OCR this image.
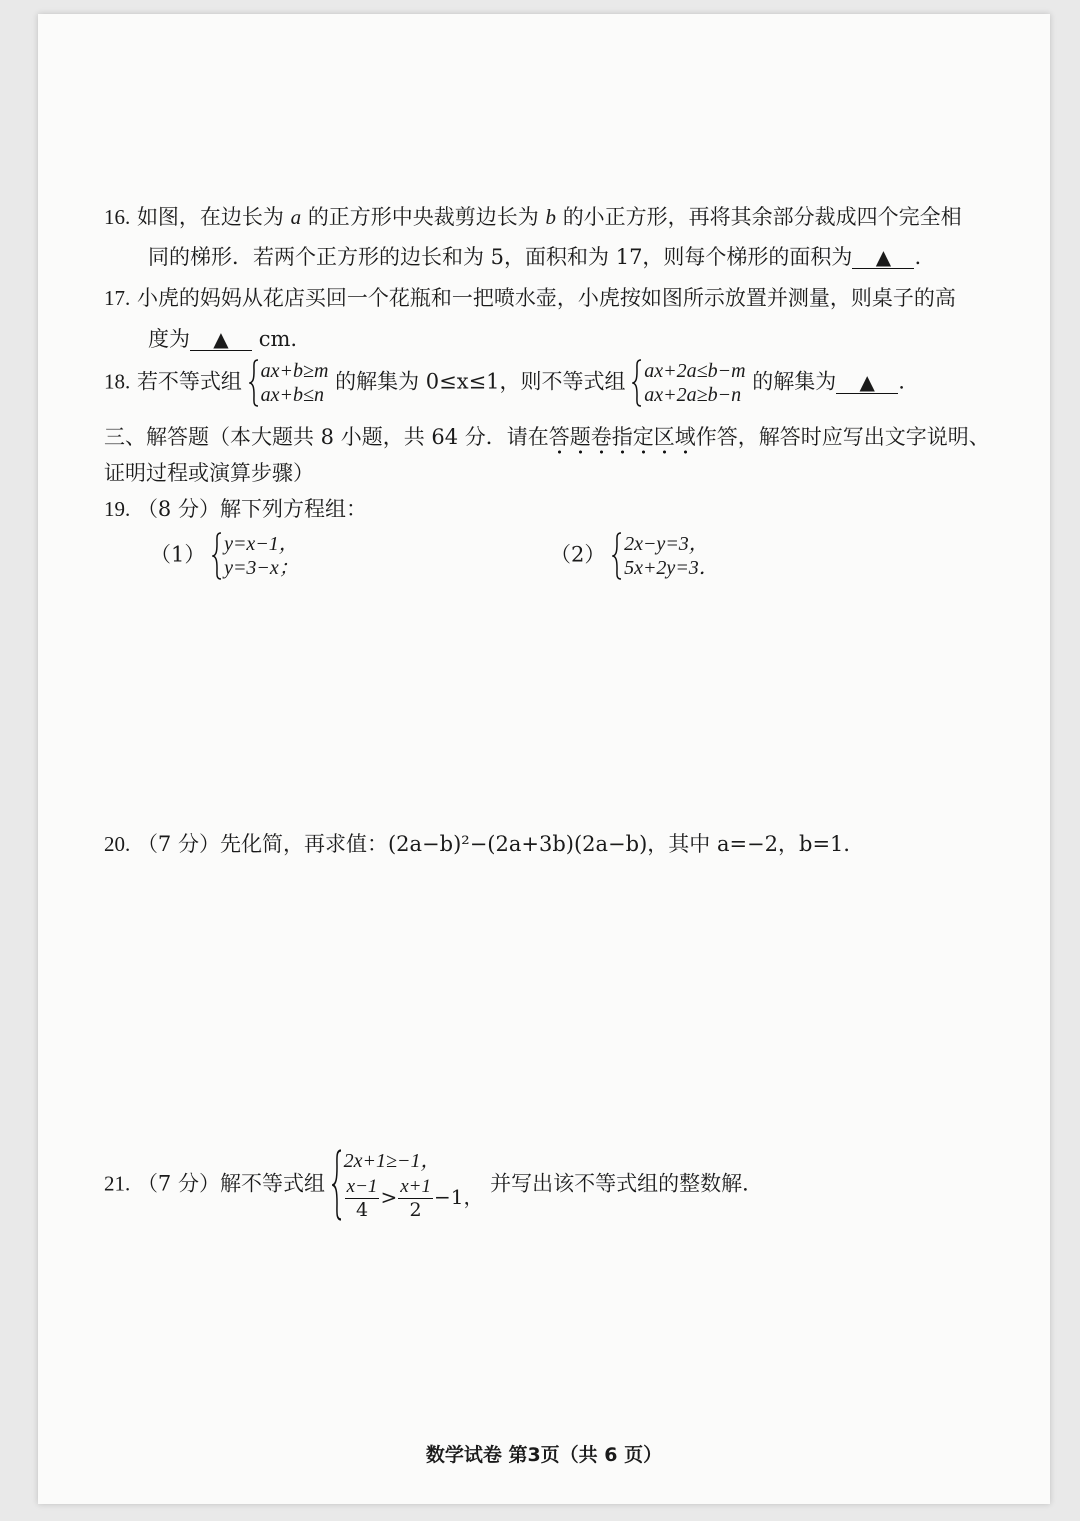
16. 如图，在边长为 a 的正方形中央裁剪边长为 b 的小正方形，再将其余部分裁成四个完全相
同的梯形．若两个正方形的边长和为 5，面积和为 17，则每个梯形的面积为 ▲ .
17. 小虎的妈妈从花店买回一个花瓶和一把喷水壶，小虎按如图所示放置并测量，则桌子的高
度为 ▲ cm.
18. 若不等式组 ax+b≥m
ax+b≤n
的解集为 0≤x≤1，则不等式组 ax+2a≤b−m
ax+2a≥b−n
的解集为 ▲ .
三、解答题（本大题共 8 小题，共 64 分．请在答题卷指定区域作答，解答时应写出文字说明、
证明过程或演算步骤）
19. （8 分）解下列方程组：
（1） y=x−1，
y=3−x；
（2） 2x−y=3，
5x+2y=3．
20. （7 分）先化简，再求值：(2a−b)²−(2a+3b)(2a−b)，其中 a=−2，b=1．
21. （7 分）解不等式组
2x+1≥−1，
$\frac{x-1}{4} > \frac{x+1}{2} -1$，
并写出该不等式组的整数解．
数学试卷 第3页（共 6 页）
